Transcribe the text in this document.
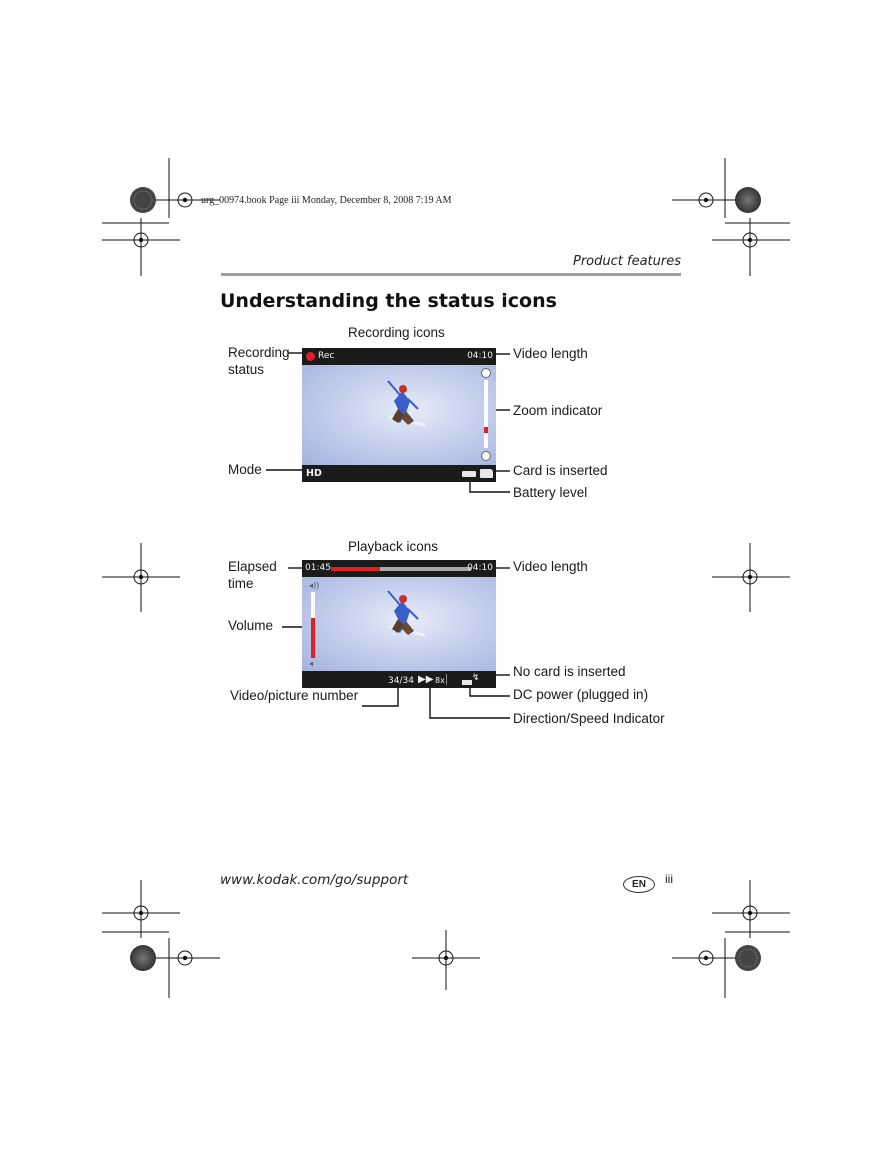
urg_00974.book Page iii Monday, December 8, 2008 7:19 AM
Product features
Understanding the status icons
Recording icons
Rec	04:10
HD
Recording
status
Mode
Video length
Zoom indicator
Card is inserted
Battery level
Playback icons
01:45	04:10
◂))
◂
34/34 ▶▶ 8x	↯
Elapsed
time
Volume
Video/picture number
Video length
No card is inserted
DC power (plugged in)
Direction/Speed Indicator
www.kodak.com/go/support	EN	iii
